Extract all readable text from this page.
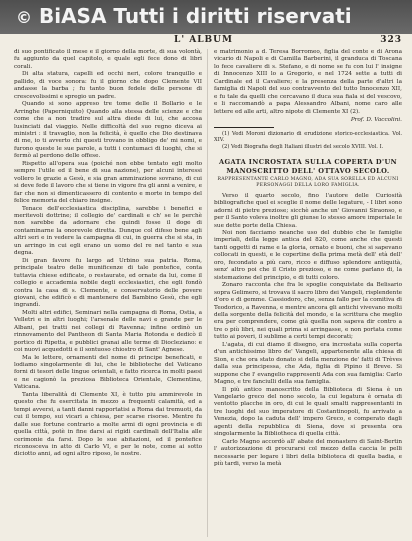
© BiASA Tutti i diritti riservati
L' ALBUM	323

di suo pontificato il mese e il giorno della morte, di sua volontà, fu aggiunto da quel capitolo, e quale egli fece dono di libri corali.

Di alta statura, capelli ed occhi neri, colore tranquillo e pallido, di voce sonora: fu il giorno che dopo Clemente VII andasse la barba ; fu tanto buon fedele delle persone di crescevolissimi e spregio un padre.

Quando si sono appreso tre tome delle il Bollario e le Arringhe (Paperniquito) Quando alla stessa delle scienze e che come che a non tradire sul altra diede di lui, che accosa lusinciati dal viaggio. Nelle difficoltà del suo regno diceva ai ministri : il travaglio, non la felicità, è quello che Dio destinava di me, io ti avverto chi questi trovano in obbligo de' mi nomi, e furono queste le sue parole, a tutti i contumaci di luoghi, che si fermò al perdono delle offese.

Rispetto all'opera sua (poiché non ebbe tentato egli molto sempre l'utile ed il bene di sua nazione), per alcuni interessi vollero le grazie a Gesù, e sia gran ammirazione sovrano, di cui si deve fede il lavoro che si tiene in vigore fra gli anni a venire, e far che non si dimenticassero di contento e morte in tempo del felice memoria del chiaro insigne.

Tenace dell'ecclesiastica disciplina, sarebbe i benefici e meritevoli dottrine; il collegio de' cardinali e ch' se le perchè non sarebbe da adornare che quindi fosse il doge di contaminarne la onorevole diretta. Dunque col difeso bene agli altri seri e in vedere la campagna di cui, in guerra che si sta, in un arringo in cui egli erano un uomo del re nel tanto e sua degna.

Di gran favore fu largo ad Urbino sua patria. Roma, principale teatro delle munificenze di tale pontefice, conta tuttavia chiese edificate, o restaurate, ed ornate da lui, come il collegio e accademia nobile degli ecclesiastici, che egli fondò contra la casa di s. Clemente, e conservatorio delle povere giovani, che edificò e di mantenere del Bambino Gesù, che egli ingrandì.

Molti altri edifici, Seminari nella campagna di Roma, Ostia, a Velletri e in altri luoghi; l'arsenale delle navi e grande per le Albani, pei tratti nei collegi di Ravenna; infine ordinò un rinnovamento del Pantheon di Santa Maria Rotonda e dedicò il portico di Ripetta, e pubblici granai alle terme di Diocleziano: e coi nuovi acquedotti e il sontuoso chiostro di Sant' Agnese.

Ma le lettere, ornamenti del nome di principe beneficati, e lodiamo singolarmente di lui, che le biblioteche del Vaticano forni di tesori delle lingue orientali, e fatto ricerca in molti paesi e ne cagionò la preziosa Biblioteca Orientale, Clementina, Vaticana.

Tanta liberalità di Clemente XI, è tutto piu ammirevole in questo che fu esercitata in mezzo a frequenti calamità, ed a tempi avversi, a tanti danni rapportatisi a Roma dai tremuoti, da cui il tempo, sui vicari a chiesa, per scarse risorse. Mentre fu dalle sue fortune contrario a molte armi di ogni provincia e di quella città, potè in fine darsi ai rigidi cardinali dell'Italia alle cerimonie da farsi. Dopo le sue abitazioni, ed il pontefice riconosceva in atto di Carlo VI, e per le note, come ai sotto diciotto anni, ad ogni altro riposo, le nostre.

e matrimonio a d. Teresa Borromeo, figlia del conte e di Arona vicario di Napoli e di Camilla Barberini, il granduca di Toscana lo fece cavaliere di s. Stefano, e di nome se fu con lui l' insigne di Innocenzo XIII lo a Gregorio, e nel 1724 sette a tutti di Cardinale ed il Cavaliere; e la presenza della parte d'altri la famiglia di Napoli del suo contravvento del tutto Innocenzo XII, e fu tale da quelli che cercavano il duca sua fiala si del vescovo, e li raccomandò a papa Alessandro Albani, nome caro alle lettere ed alle arti, altro nipote di Clemente XI (2).

Prof. D. Vaccolini.

(1) Vedi Moroni dizionario di erudizione storico-ecclesiastica. Vol. XIV.

(2) Vedi Biografia degli Italiani illustri del secolo XVIII. Vol. I.

AGATA INCROSTATA SULLA COPERTA D'UN MANOSCRITTO DELL' OTTAVO SECOLO.
RAPPRESENTANTE CARLO MAGNO, ADA SUA SORELLA ED ALCUNI PERSONAGGI DELLA LORO FAMIGLIA.

Verso il quarto secolo, fino l'autore delle Curiosità bibliografiche quel ei sceglie il nome delle legature, - I libri sono adorni di pietre preziose; sicchè anche un' Giovanni Siraonso, e per il Santo voleva inoltre gli giunse lo stesso amore imperiale le sue dette porte della Chiesa.

Noi non facciamo neanche uso del dubbio che le famiglie imperiali, della legge antica del 820, come anche che questi tanti oggetti di rame e la gloria, ornato e buoni, che si sapevano collocati in questi, e le copertine della prima metà dell' età dell' oro, fecondato a più caro, ricco e diffuso splendore antiquità, senz' altro poi che il Cristo prezioso, e ne come parlano di, la sistemazione del principio, e di tutti coloro.

Zonaro racconta che fra le spoglie conquistate da Belisario sopra Gelimero, si trovava il sacro libro dei Vangeli, risplendente d'oro e di gemme. Cassiodoro, che, senza fallo per la comitiva di Teodorico, a Ravenna, e mentre ancora gli antichi vivevano molti della sorgente della felicità del mondo, e la scrittura che meglio era per comprendere, come già quella non sapeva dir contro a tre o più libri, nei quali prima si arringasse, e non portata come tutto ai poveri, il sublime a certi tempi decorati;

L'agata, di cui diamo il disegno, era incrostata sulla coperta d'un antichissimo libro de' Vangeli, appartenente alla chiesa di Sion, e che ora stato donato si della menzione de' fatti di Trèves dalla sua principessa, che Ada, figlia di Pipino il Breve. Si suppone che l' evangelio rappresenti Ada con sua famiglia: Carlo Magno, e tre fanciulli della sua famiglia.

Il più antico manoscritto della Biblioteca di Siena è un Vangelario greco del nono secolo, la cui legatura è ornata di ventotto placche in oro, di cui le quali smalti rappresentanti in tre luoghi del suo imperatore di Costantinopoli, fu arrivato a Venezia, dopo la caduta dell' impero Greco, e comperato dagli agenti della repubblica di Siena, dove si presenta ora singolarmente la Bibliotheca di quella città.

Carlo Magno accordò all' abate del monastero di Saint-Bertin l' autorizzazione di procurarsi col mezzo della caccia le pelli necessarie per legare i libri della biblioteca di quella badia, e più tardi, verso la metà
